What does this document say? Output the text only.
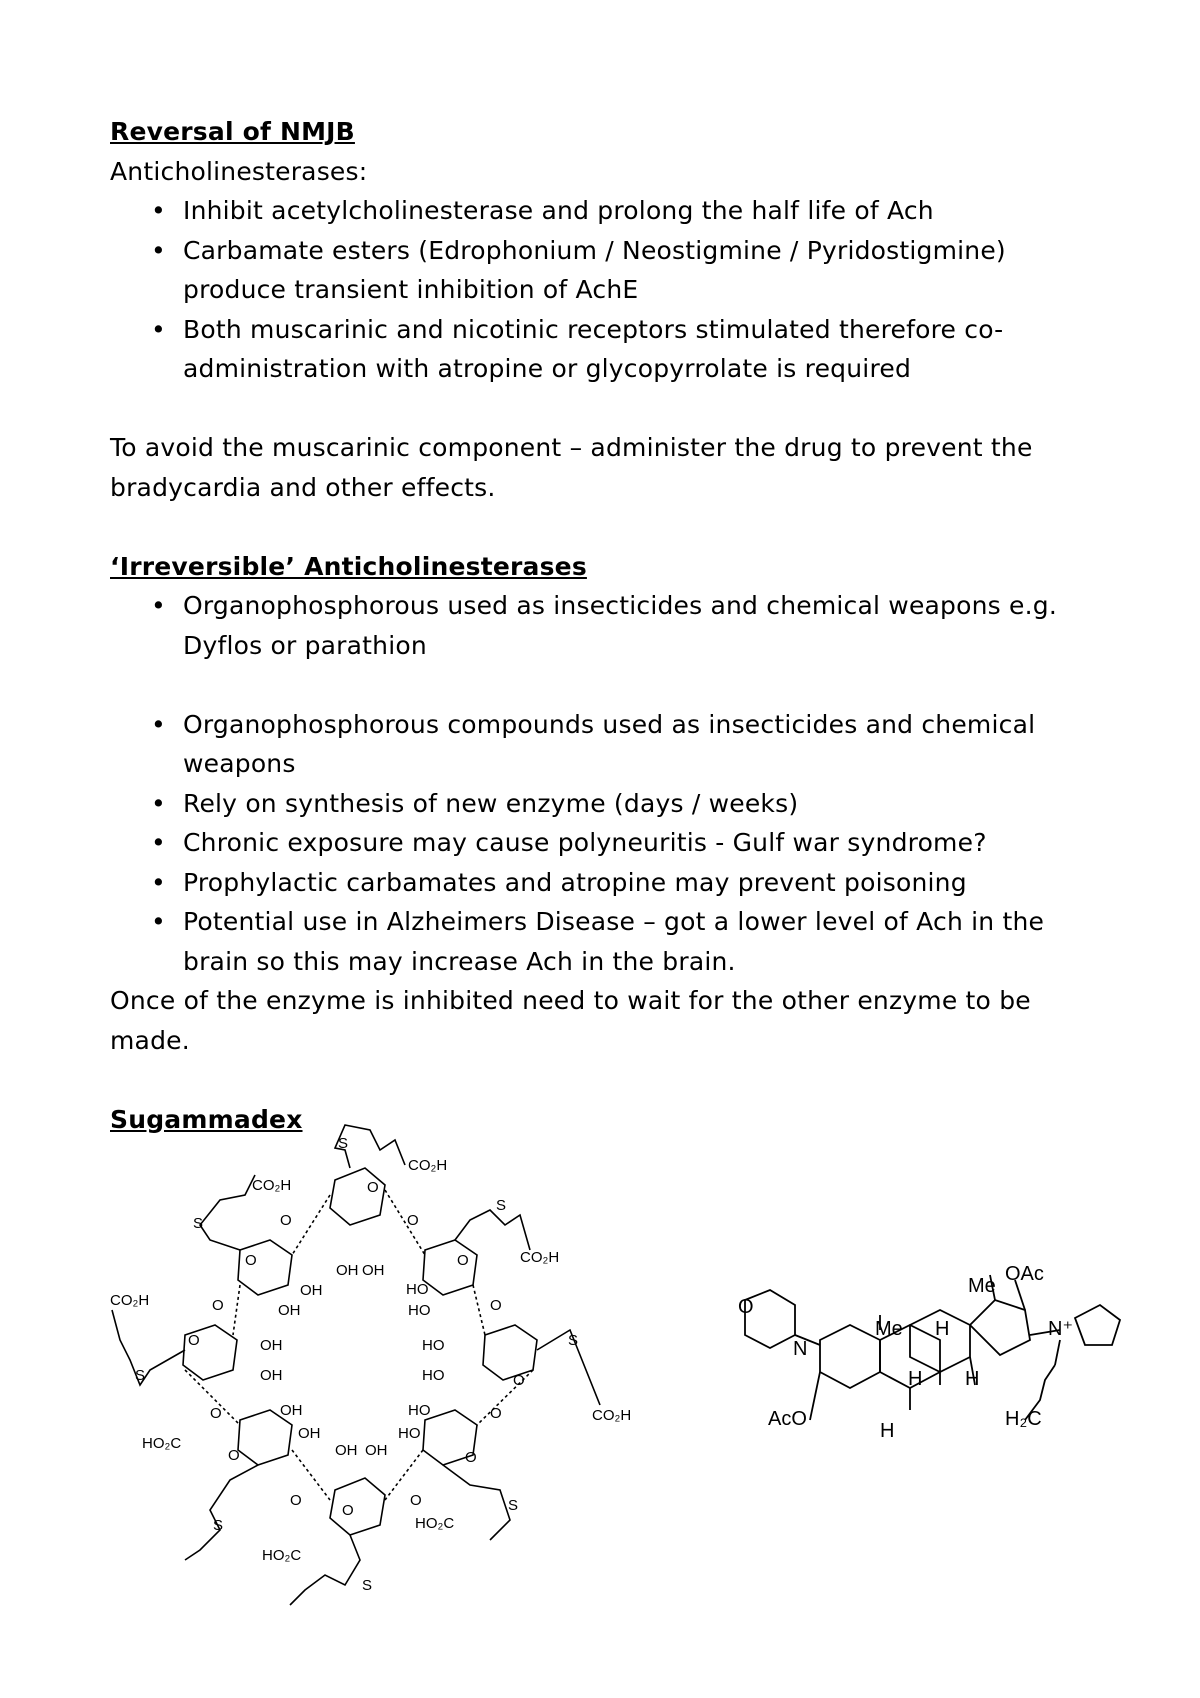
Reversal of NMJB
Anticholinesterases:
• Inhibit acetylcholinesterase and prolong the half life of Ach
• Carbamate esters (Edrophonium / Neostigmine / Pyridostigmine)
produce transient inhibition of AchE
• Both muscarinic and nicotinic receptors stimulated therefore co-
administration with atropine or glycopyrrolate is required
To avoid the muscarinic component – administer the drug to prevent the
bradycardia and other effects.
‘Irreversible’ Anticholinesterases
• Organophosphorous used as insecticides and chemical weapons e.g.
Dyflos or parathion
• Organophosphorous compounds used as insecticides and chemical
weapons
• Rely on synthesis of new enzyme (days / weeks)
• Chronic exposure may cause polyneuritis - Gulf war syndrome?
• Prophylactic carbamates and atropine may prevent poisoning
• Potential use in Alzheimers Disease – got a lower level of Ach in the
brain so this may increase Ach in the brain.
Once of the enzyme is inhibited need to wait for the other enzyme to be
made.
Sugammadex
CO₂H
CO₂H
CO₂H
CO₂H
CO₂H
HO₂C
HO₂C
HO₂C
S
S
S
S
S
S
S
S
OH OH
OH
OH
HO
HO
OH
OH
HO
HO
OH
OH
OH OH
HO
HO
O
O
O
O	O
O	O
O
O
O	O
O	O
O	O
O
Me
OAc
Me H
H H
H
N
O
N⁺
AcO	H₂C
